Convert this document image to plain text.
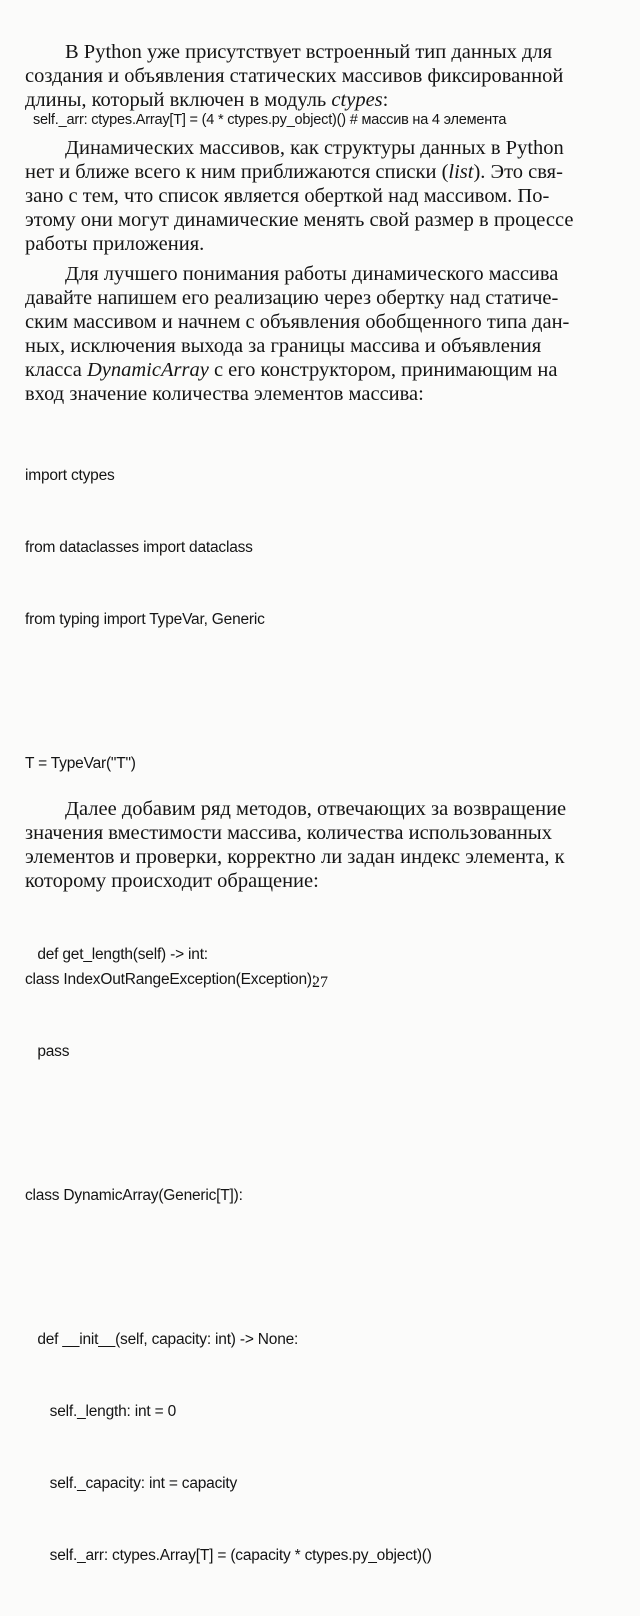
В Python уже присутствует встроенный тип данных для
создания и объявления статических массивов фиксированной
длины, который включен в модуль ctypes:
self._arr: ctypes.Array[T] = (4 * ctypes.py_object)() # массив на 4 элемента
Динамических массивов, как структуры данных в Python
нет и ближе всего к ним приближаются списки (list). Это свя-
зано с тем, что список является оберткой над массивом. По-
этому они могут динамические менять свой размер в процессе
работы приложения.
Для лучшего понимания работы динамического массива
давайте напишем его реализацию через обертку над статиче-
ским массивом и начнем с объявления обобщенного типа дан-
ных, исключения выхода за границы массива и объявления
класса DynamicArray с его конструктором, принимающим на
вход значение количества элементов массива:

import ctypes

from dataclasses import dataclass

from typing import TypeVar, Generic

T = TypeVar("T")

class IndexOutRangeException(Exception):

pass

class DynamicArray(Generic[T]):

def __init__(self, capacity: int) -> None:

self._length: int = 0

self._capacity: int = capacity

self._arr: ctypes.Array[T] = (capacity * ctypes.py_object)()

Далее добавим ряд методов, отвечающих за возвращение
значения вместимости массива, количества использованных
элементов и проверки, корректно ли задан индекс элемента, к
которому происходит обращение:

def get_length(self) -> int:

27
